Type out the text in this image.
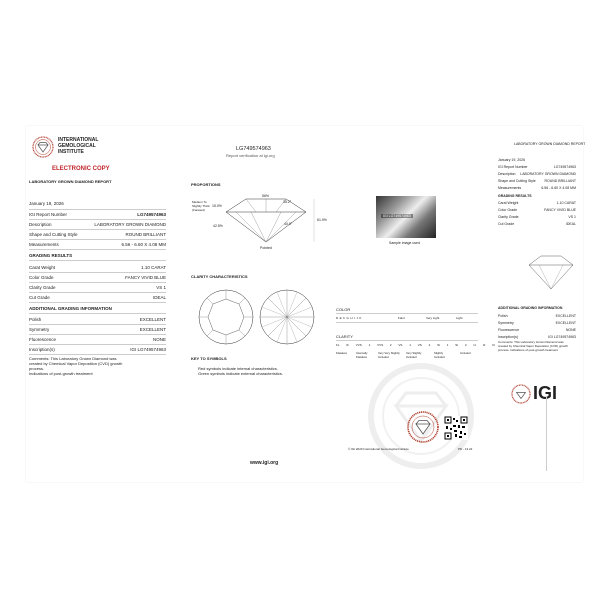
INTERNATIONAL
GEMOLOGICAL
INSTITUTE
ELECTRONIC COPY
LABORATORY GROWN DIAMOND REPORT
LG749574963
Report verification at igi.org
January 19, 2026
IGI Report Number	LG749574963
Description	LABORATORY GROWN DIAMOND
Shape and Cutting Style	ROUND BRILLIANT
Measurements	6.56 - 6.60 X 4.08 MM
GRADING RESULTS
Carat Weight	1.10 CARAT
Color Grade	FANCY VIVID BLUE
Clarity Grade	VS 1
Cut Grade	IDEAL
ADDITIONAL GRADING INFORMATION
Polish	EXCELLENT
Symmetry	EXCELLENT
Fluorescence	NONE
Inscription(s)	IGI LG749574963
Comments: This Laboratory Grown Diamond was
created by Chemical Vapor Deposition (CVD) growth
process.
Indications of post-growth treatment
PROPORTIONS
56%
35.2°
15.0%
Medium To Slightly Thick (Faceted)
42.5%	40.9°
61.9%
Pointed
IGI LG749574963
Sample image used
CLARITY CHARACTERISTICS
KEY TO SYMBOLS
Red symbols indicate internal characteristics.
Green symbols indicate external characteristics.
www.igi.org
COLOR
DEFGHIJK	Faint	Very Light	Light
CLARITY
FL IF VVS 1 VVS 2 VS 1 VS 2 SI 1 SI 2 I1 I2 I3
Flawless	Internally Flawless
Very Very Slightly Included
Very Slightly Included
Slightly Included
Included
IGI
© IGI 2020 International Gemological Institute	PD - 13.22
LABORATORY GROWN DIAMOND REPORT
January 19, 2026
IGI Report Number	LG749574963
Description LABORATORY GROWN DIAMOND
Shape and Cutting Style ROUND BRILLIANT
Measurements	6.56 - 6.60 X 4.08 MM
GRADING RESULTS
Carat Weight	1.10 CARAT
Color Grade	FANCY VIVID BLUE
Clarity Grade	VS 1
Cut Grade	IDEAL
ADDITIONAL GRADING INFORMATION
Polish	EXCELLENT
Symmetry	EXCELLENT
Fluorescence	NONE
Inscription(s)	IGI LG749574963
Comments: This Laboratory Grown Diamond was
created by Chemical Vapor Deposition (CVD) growth
process. Indications of post-growth treatment
